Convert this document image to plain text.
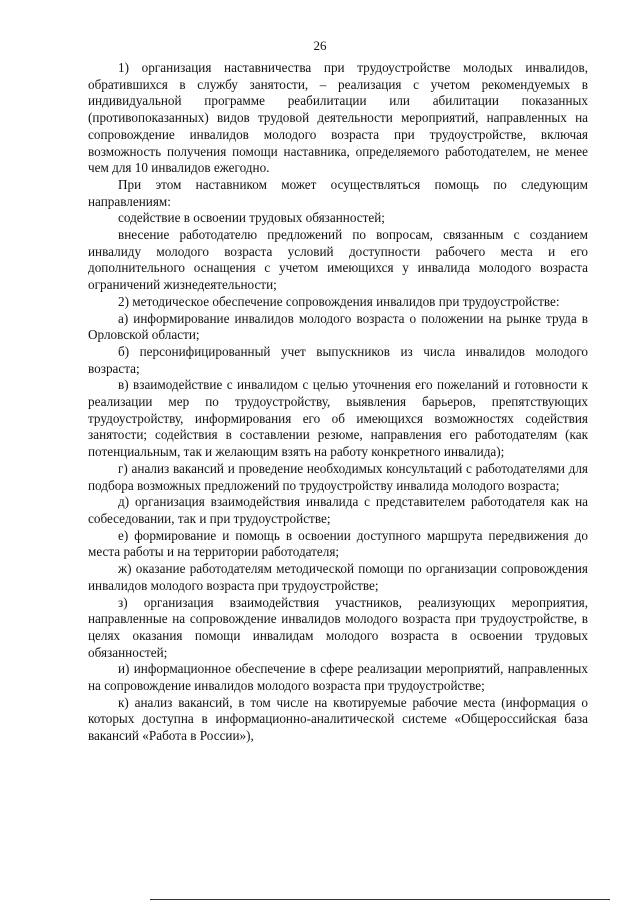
26

1) организация наставничества при трудоустройстве молодых инвалидов, обратившихся в службу занятости, – реализация с учетом рекомендуемых в индивидуальной программе реабилитации или абилитации показанных (противопоказанных) видов трудовой деятельности мероприятий, направленных на сопровождение инвалидов молодого возраста при трудоустройстве, включая возможность получения помощи наставника, определяемого работодателем, не менее чем для 10 инвалидов ежегодно.

При этом наставником может осуществляться помощь по следующим направлениям:

содействие в освоении трудовых обязанностей;

внесение работодателю предложений по вопросам, связанным с созданием инвалиду молодого возраста условий доступности рабочего места и его дополнительного оснащения с учетом имеющихся у инвалида молодого возраста ограничений жизнедеятельности;

2) методическое обеспечение сопровождения инвалидов при трудоустройстве:

а) информирование инвалидов молодого возраста о положении на рынке труда в Орловской области;

б) персонифицированный учет выпускников из числа инвалидов молодого возраста;

в) взаимодействие с инвалидом с целью уточнения его пожеланий и готовности к реализации мер по трудоустройству, выявления барьеров, препятствующих трудоустройству, информирования его об имеющихся возможностях содействия занятости; содействия в составлении резюме, направления его работодателям (как потенциальным, так и желающим взять на работу конкретного инвалида);

г) анализ вакансий и проведение необходимых консультаций с работодателями для подбора возможных предложений по трудоустройству инвалида молодого возраста;

д) организация взаимодействия инвалида с представителем работодателя как на собеседовании, так и при трудоустройстве;

е) формирование и помощь в освоении доступного маршрута передвижения до места работы и на территории работодателя;

ж) оказание работодателям методической помощи по организации сопровождения инвалидов молодого возраста при трудоустройстве;

з) организация взаимодействия участников, реализующих мероприятия, направленные на сопровождение инвалидов молодого возраста при трудоустройстве, в целях оказания помощи инвалидам молодого возраста в освоении трудовых обязанностей;

и) информационное обеспечение в сфере реализации мероприятий, направленных на сопровождение инвалидов молодого возраста при трудоустройстве;

к) анализ вакансий, в том числе на квотируемые рабочие места (информация о которых доступна в информационно-аналитической системе «Общероссийская база вакансий «Работа в России»),
